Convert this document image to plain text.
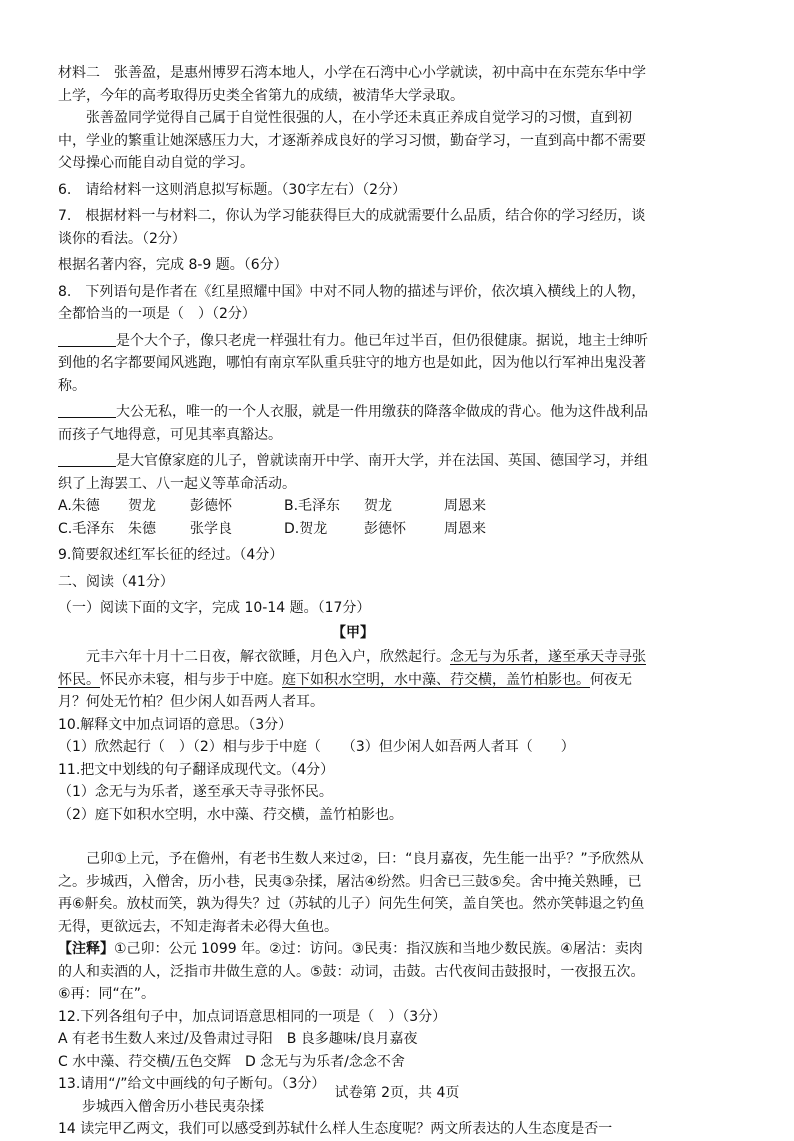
材料二　张善盈，是惠州博罗石湾本地人，小学在石湾中心小学就读，初中高中在东莞东华中学上学，今年的高考取得历史类全省第九的成绩，被清华大学录取。

张善盈同学觉得自己属于自觉性很强的人，在小学还未真正养成自觉学习的习惯，直到初中，学业的繁重让她深感压力大，才逐渐养成良好的学习习惯，勤奋学习，一直到高中都不需要父母操心而能自动自觉的学习。

6.　请给材料一这则消息拟写标题。（30字左右）（2分）

7.　根据材料一与材料二，你认为学习能获得巨大的成就需要什么品质，结合你的学习经历，谈谈你的看法。（2分）

根据名著内容，完成 8-9 题。（6分）

8.　下列语句是作者在《红星照耀中国》中对不同人物的描述与评价，依次填入横线上的人物，全都恰当的一项是（　）（2分）

是个大个子，像只老虎一样强壮有力。他已年过半百，但仍很健康。据说，地主士绅听到他的名字都要闻风逃跑，哪怕有南京军队重兵驻守的地方也是如此，因为他以行军神出鬼没著称。

大公无私，唯一的一个人衣服，就是一件用缴获的降落伞做成的背心。他为这件战利品而孩子气地得意，可见其率真豁达。

是大官僚家庭的儿子，曾就读南开中学、南开大学，并在法国、英国、德国学习，并组织了上海罢工、八一起义等革命活动。

A.朱德	贺龙	彭德怀	B.毛泽东	贺龙	周恩来
C.毛泽东 朱德	张学良	D.贺龙	彭德怀	周恩来

9.简要叙述红军长征的经过。（4分）

二、阅读（41分）

（一）阅读下面的文字，完成 10-14 题。（17分）

【甲】

元丰六年十月十二日夜，解衣欲睡，月色入户，欣然起行。念无与为乐者，遂至承天寺寻张怀民。怀民亦未寝，相与步于中庭。庭下如积水空明，水中藻、荇交横，盖竹柏影也。何夜无月？何处无竹柏？但少闲人如吾两人者耳。

10.解释文中加点词语的意思。（3分）

（1）欣然起行（　）（2）相与步于中庭（　　（3）但少闲人如吾两人者耳（　　）

11.把文中划线的句子翻译成现代文。（4分）

（1）念无与为乐者，遂至承天寺寻张怀民。

（2）庭下如积水空明，水中藻、荇交横，盖竹柏影也。

己卯①上元，予在儋州，有老书生数人来过②，曰：“良月嘉夜，先生能一出乎？”予欣然从之。步城西，入僧舍，历小巷，民夷③杂揉，屠沽④纷然。归舍已三鼓⑤矣。舍中掩关熟睡，已再⑥鼾矣。放杖而笑，孰为得失？过（苏轼的儿子）问先生何笑，盖自笑也。然亦笑韩退之钓鱼无得，更欲远去，不知走海者未必得大鱼也。

【注释】①己卯：公元 1099 年。②过：访问。③民夷：指汉族和当地少数民族。④屠沽：卖肉的人和卖酒的人，泛指市井做生意的人。⑤鼓：动词，击鼓。古代夜间击鼓报时，一夜报五次。⑥再：同“在”。

12.下列各组句子中，加点词语意思相同的一项是（　）（3分）

A 有老书生数人来过/及鲁肃过寻阳　B 良多趣味/良月嘉夜

C 水中藻、荇交横/五色交辉　D 念无与为乐者/念念不舍

13.请用“/”给文中画线的句子断句。（3分）

步城西入僧舍历小巷民夷杂揉

14 读完甲乙两文，我们可以感受到苏轼什么样人生态度呢？两文所表达的人生态度是否一

试卷第 2页，共 4页
